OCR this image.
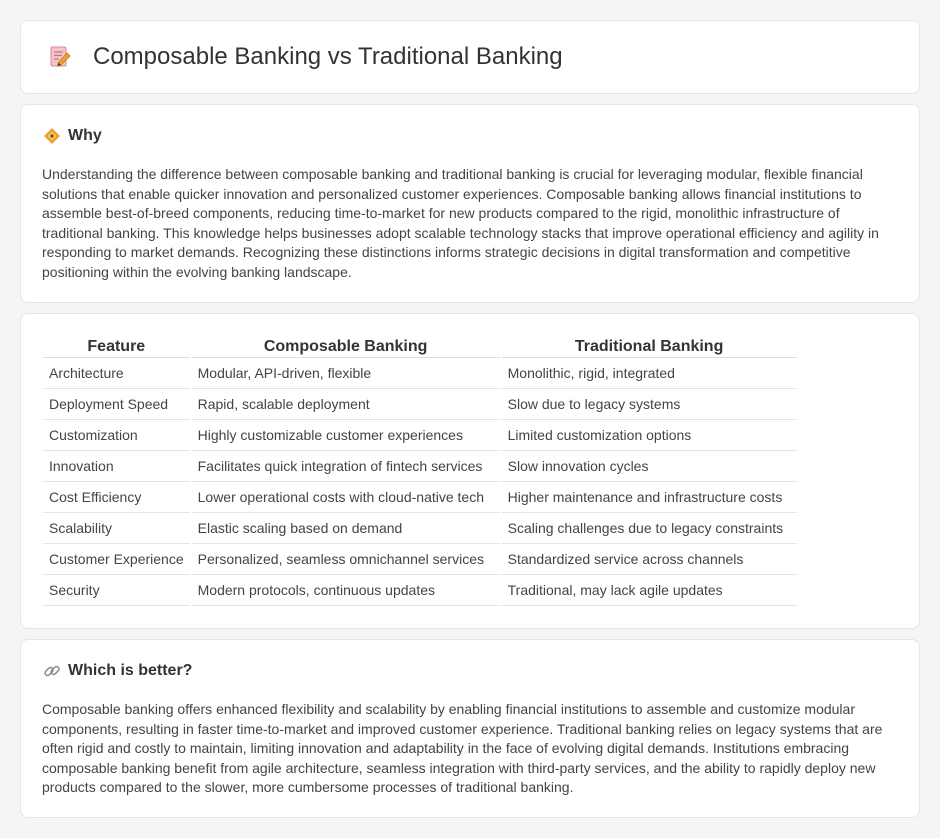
Composable Banking vs Traditional Banking
Why

Understanding the difference between composable banking and traditional banking is crucial for leveraging modular, flexible financial solutions that enable quicker innovation and personalized customer experiences. Composable banking allows financial institutions to assemble best-of-breed components, reducing time-to-market for new products compared to the rigid, monolithic infrastructure of traditional banking. This knowledge helps businesses adopt scalable technology stacks that improve operational efficiency and agility in responding to market demands. Recognizing these distinctions informs strategic decisions in digital transformation and competitive positioning within the evolving banking landscape.

Feature	Composable Banking	Traditional Banking
Architecture	Modular, API-driven, flexible	Monolithic, rigid, integrated
Deployment Speed	Rapid, scalable deployment	Slow due to legacy systems
Customization	Highly customizable customer experiences	Limited customization options
Innovation	Facilitates quick integration of fintech services	Slow innovation cycles
Cost Efficiency	Lower operational costs with cloud-native tech	Higher maintenance and infrastructure costs
Scalability	Elastic scaling based on demand	Scaling challenges due to legacy constraints
Customer Experience	Personalized, seamless omnichannel services	Standardized service across channels
Security	Modern protocols, continuous updates	Traditional, may lack agile updates
Which is better?

Composable banking offers enhanced flexibility and scalability by enabling financial institutions to assemble and customize modular components, resulting in faster time-to-market and improved customer experience. Traditional banking relies on legacy systems that are often rigid and costly to maintain, limiting innovation and adaptability in the face of evolving digital demands. Institutions embracing composable banking benefit from agile architecture, seamless integration with third-party services, and the ability to rapidly deploy new products compared to the slower, more cumbersome processes of traditional banking.
